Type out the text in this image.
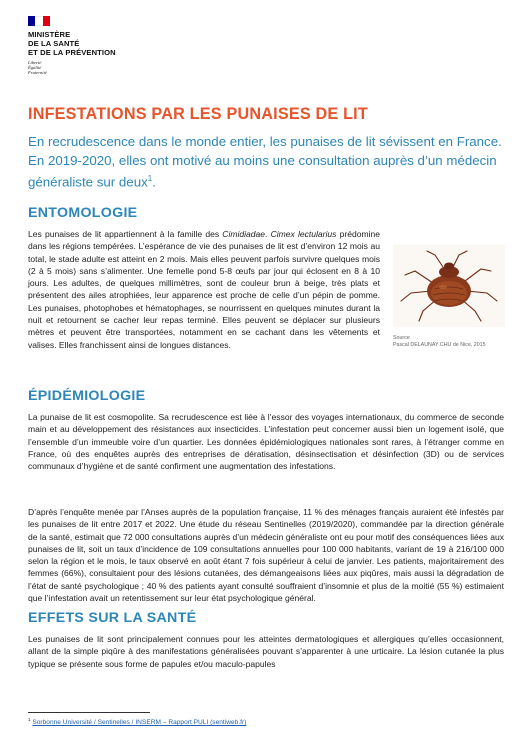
MINISTÈRE
DE LA SANTÉ
ET DE LA PRÉVENTION
Liberté
Égalité
Fraternité
INFESTATIONS PAR LES PUNAISES DE LIT
En recrudescence dans le monde entier, les punaises de lit sévissent en France. En 2019-2020, elles ont motivé au moins une consultation auprès d’un médecin généraliste sur deux$^1$.
ENTOMOLOGIE

Les punaises de lit appartiennent à la famille des Cimidiadae. Cimex lectularius prédomine dans les régions tempérées. L’espérance de vie des punaises de lit est d’environ 12 mois au total, le stade adulte est atteint en 2 mois. Mais elles peuvent parfois survivre quelques mois (2 à 5 mois) sans s’alimenter. Une femelle pond 5-8 œufs par jour qui éclosent en 8 à 10 jours. Les adultes, de quelques millimètres, sont de couleur brun à beige, très plats et présentent des ailes atrophiées, leur apparence est proche de celle d’un pépin de pomme. Les punaises, photophobes et hématophages, se nourrissent en quelques minutes durant la nuit et retournent se cacher leur repas terminé. Elles peuvent se déplacer sur plusieurs mètres et peuvent être transportées, notamment en se cachant dans les vêtements et valises. Elles franchissent ainsi de longues distances.

Source
Pascal DELAUNAY CHU de Nice, 2015
ÉPIDÉMIOLOGIE

La punaise de lit est cosmopolite. Sa recrudescence est liée à l’essor des voyages internationaux, du commerce de seconde main et au développement des résistances aux insecticides. L’infestation peut concerner aussi bien un logement isolé, que l’ensemble d’un immeuble voire d’un quartier. Les données épidémiologiques nationales sont rares, à l’étranger comme en France, où des enquêtes auprès des entreprises de dératisation, désinsectisation et désinfection (3D) ou de services communaux d’hygiène et de santé confirment une augmentation des infestations.

D’après l’enquête menée par l’Anses auprès de la population française, 11 % des ménages français auraient été infestés par les punaises de lit entre 2017 et 2022. Une étude du réseau Sentinelles (2019/2020), commandée par la direction générale de la santé, estimait que 72 000 consultations auprès d’un médecin généraliste ont eu pour motif des conséquences liées aux punaises de lit, soit un taux d’incidence de 109 consultations annuelles pour 100 000 habitants, variant de 19 à 216/100 000 selon la région et le mois, le taux observé en août étant 7 fois supérieur à celui de janvier. Les patients, majoritairement des femmes (66%), consultaient pour des lésions cutanées, des démangeaisons liées aux piqûres, mais aussi la dégradation de l’état de santé psychologique ; 40 % des patients ayant consulté souffraient d’insomnie et plus de la moitié (55 %) estimaient que l’infestation avait un retentissement sur leur état psychologique général.

EFFETS SUR LA SANTÉ

Les punaises de lit sont principalement connues pour les atteintes dermatologiques et allergiques qu’elles occasionnent, allant de la simple piqûre à des manifestations généralisées pouvant s’apparenter à une urticaire. La lésion cutanée la plus typique se présente sous forme de papules et/ou maculo-papules

$^1$ Sorbonne Université / Sentinelles / INSERM – Rapport PULI (sentiweb.fr)
